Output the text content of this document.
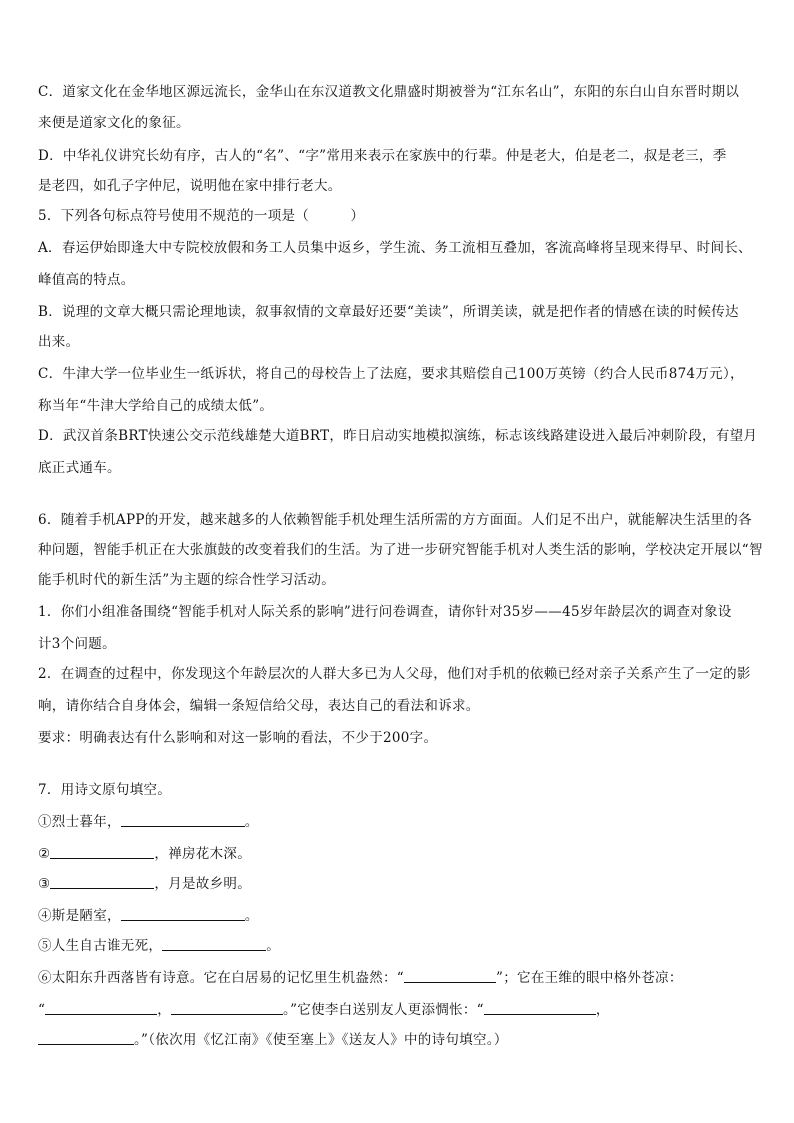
C．道家文化在金华地区源远流长，金华山在东汉道教文化鼎盛时期被誉为“江东名山”，东阳的东白山自东晋时期以
来便是道家文化的象征。
D．中华礼仪讲究长幼有序，古人的“名”、“字”常用来表示在家族中的行辈。仲是老大，伯是老二，叔是老三，季
是老四，如孔子字仲尼，说明他在家中排行老大。
5．下列各句标点符号使用不规范的一项是（　　　）
A．春运伊始即逢大中专院校放假和务工人员集中返乡，学生流、务工流相互叠加，客流高峰将呈现来得早、时间长、
峰值高的特点。
B．说理的文章大概只需论理地读，叙事叙情的文章最好还要“美读”，所谓美读，就是把作者的情感在读的时候传达
出来。
C．牛津大学一位毕业生一纸诉状，将自己的母校告上了法庭，要求其赔偿自己100万英镑（约合人民币874万元），
称当年“牛津大学给自己的成绩太低”。
D．武汉首条BRT快速公交示范线雄楚大道BRT，昨日启动实地模拟演练，标志该线路建设进入最后冲刺阶段，有望月
底正式通车。
6．随着手机APP的开发，越来越多的人依赖智能手机处理生活所需的方方面面。人们足不出户，就能解决生活里的各
种问题，智能手机正在大张旗鼓的改变着我们的生活。为了进一步研究智能手机对人类生活的影响，学校决定开展以“智
能手机时代的新生活”为主题的综合性学习活动。
1．你们小组准备围绕“智能手机对人际关系的影响”进行问卷调查，请你针对35岁——45岁年龄层次的调查对象设
计3个问题。
2．在调查的过程中，你发现这个年龄层次的人群大多已为人父母，他们对手机的依赖已经对亲子关系产生了一定的影
响，请你结合自身体会，编辑一条短信给父母，表达自己的看法和诉求。
要求：明确表达有什么影响和对这一影响的看法，不少于200字。
7．用诗文原句填空。
①烈士暮年，	。
②	，禅房花木深。
③	，月是故乡明。
④斯是陋室，	。
⑤人生自古谁无死，	。
⑥太阳东升西落皆有诗意。它在白居易的记忆里生机盎然：“	”；它在王维的眼中格外苍凉：
“	，	。”它使李白送别友人更添惆怅：“	，
。”（依次用《忆江南》《使至塞上》《送友人》中的诗句填空。）
